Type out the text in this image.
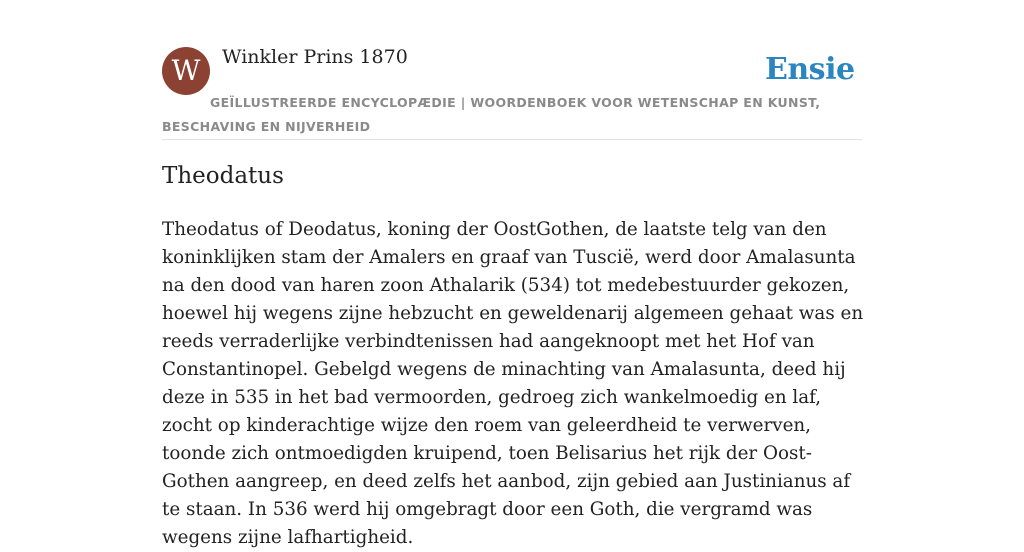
W Winkler Prins 1870	Ensie
GEÏLLUSTREERDE ENCYCLOPÆDIE | WOORDENBOEK VOOR WETENSCHAP EN KUNST, BESCHAVING EN NIJVERHEID
Theodatus

Theodatus of Deodatus, koning der OostGothen, de laatste telg van den koninklijken stam der Amalers en graaf van Tuscië, werd door Amalasunta na den dood van haren zoon Athalarik (534) tot medebestuurder gekozen, hoewel hij wegens zijne hebzucht en geweldenarij algemeen gehaat was en reeds verraderlijke verbindtenissen had aangeknoopt met het Hof van Constantinopel. Gebelgd wegens de minachting van Amalasunta, deed hij deze in 535 in het bad vermoorden, gedroeg zich wankelmoedig en laf, zocht op kinderachtige wijze den roem van geleerdheid te verwerven, toonde zich ontmoedigden kruipend, toen Belisarius het rijk der Oost-Gothen aangreep, en deed zelfs het aanbod, zijn gebied aan Justinianus af te staan. In 536 werd hij omgebragt door een Goth, die vergramd was wegens zijne lafhartigheid.
